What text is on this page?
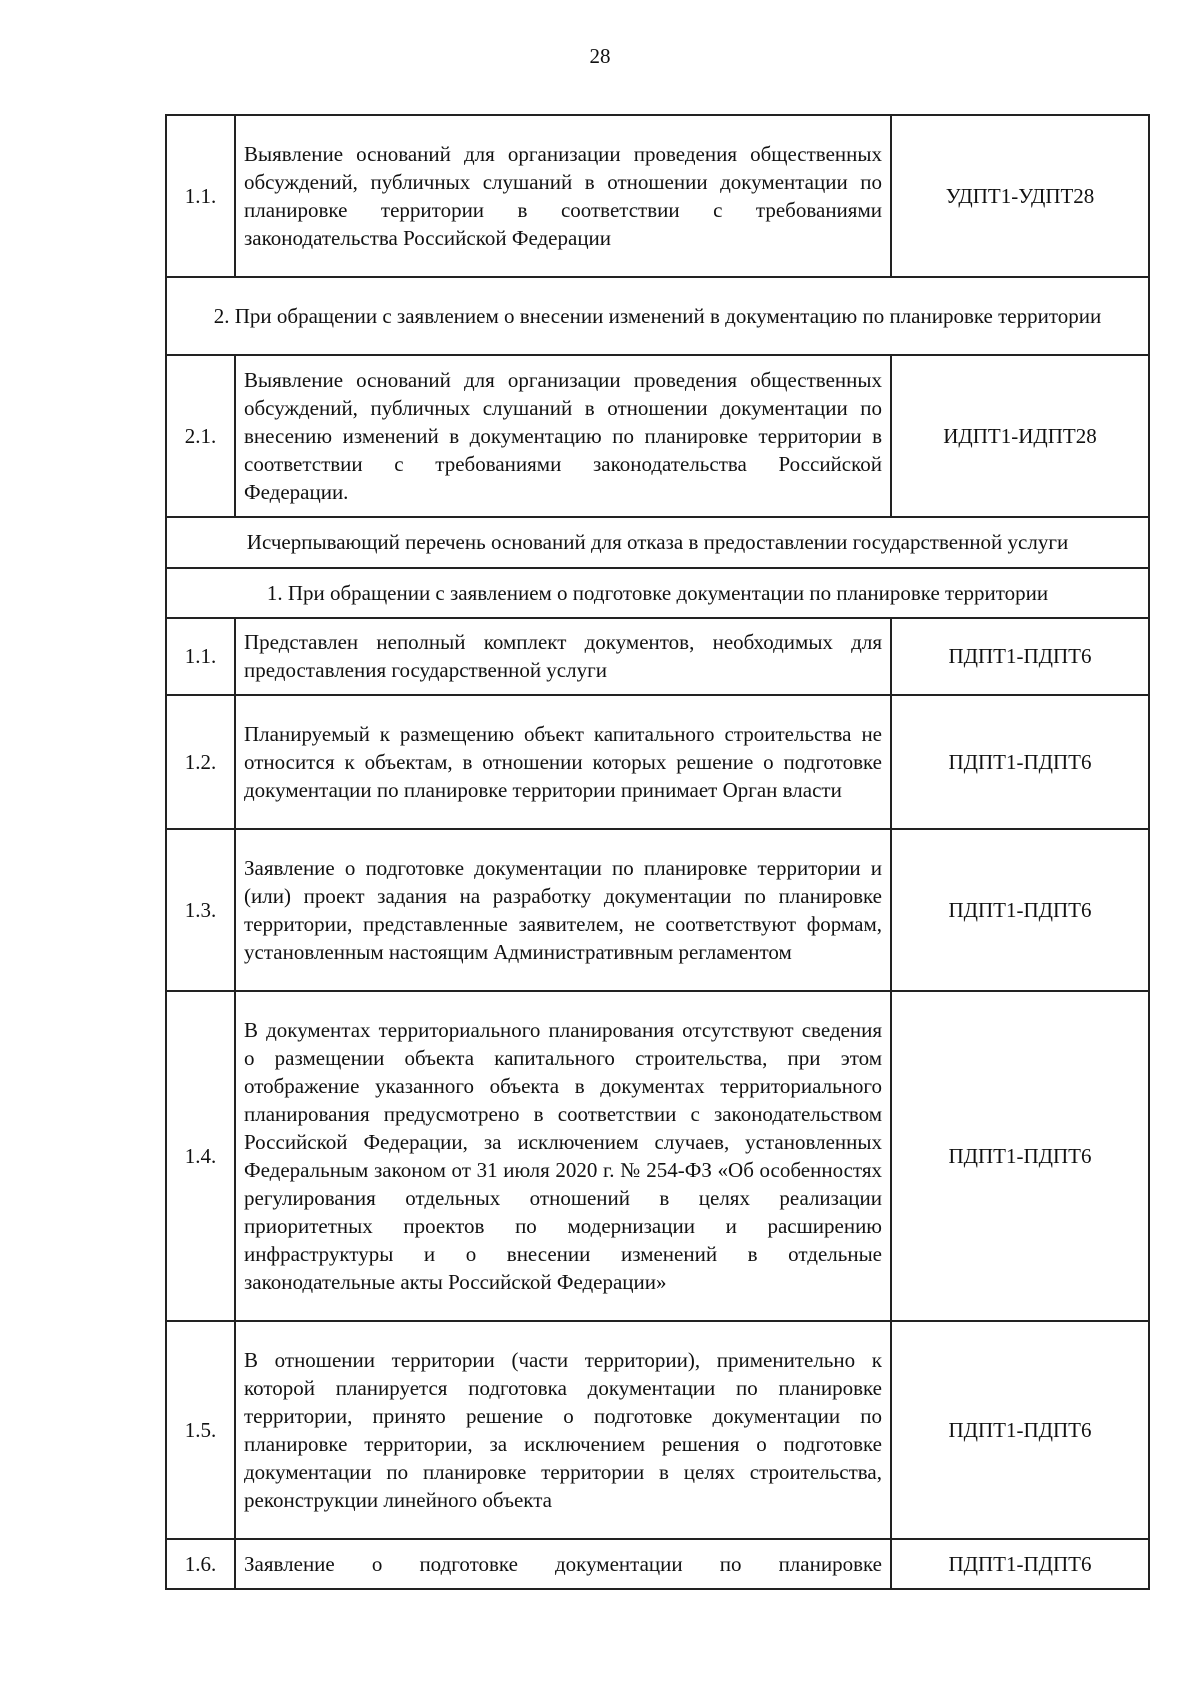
28
1.1.	Выявление оснований для организации проведения общественных обсуждений, публичных слушаний в отношении документации по планировке территории в соответствии с требованиями законодательства Российской Федерации	УДПТ1-УДПТ28
2. При обращении с заявлением о внесении изменений в документацию по планировке территории		
2.1.	Выявление оснований для организации проведения общественных обсуждений, публичных слушаний в отношении документации по внесению изменений в документацию по планировке территории в соответствии с требованиями законодательства Российской Федерации.	ИДПТ1-ИДПТ28
Исчерпывающий перечень оснований для отказа в предоставлении государственной услуги		
1. При обращении с заявлением о подготовке документации по планировке территории		
1.1.	Представлен неполный комплект документов, необходимых для предоставления государственной услуги	ПДПТ1-ПДПТ6
1.2.	Планируемый к размещению объект капитального строительства не относится к объектам, в отношении которых решение о подготовке документации по планировке территории принимает Орган власти	ПДПТ1-ПДПТ6
1.3.	Заявление о подготовке документации по планировке территории и (или) проект задания на разработку документации по планировке территории, представленные заявителем, не соответствуют формам, установленным настоящим Административным регламентом	ПДПТ1-ПДПТ6
1.4.	В документах территориального планирования отсутствуют сведения о размещении объекта капитального строительства, при этом отображение указанного объекта в документах территориального планирования предусмотрено в соответствии с законодательством Российской Федерации, за исключением случаев, установленных Федеральным законом от 31 июля 2020 г. № 254-ФЗ «Об особенностях регулирования отдельных отношений в целях реализации приоритетных проектов по модернизации и расширению инфраструктуры и о внесении изменений в отдельные законодательные акты Российской Федерации»	ПДПТ1-ПДПТ6
1.5.	В отношении территории (части территории), применительно к которой планируется подготовка документации по планировке территории, принято решение о подготовке документации по планировке территории, за исключением решения о подготовке документации по планировке территории в целях строительства, реконструкции линейного объекта	ПДПТ1-ПДПТ6
1.6.	Заявление о подготовке документации по планировке	ПДПТ1-ПДПТ6
